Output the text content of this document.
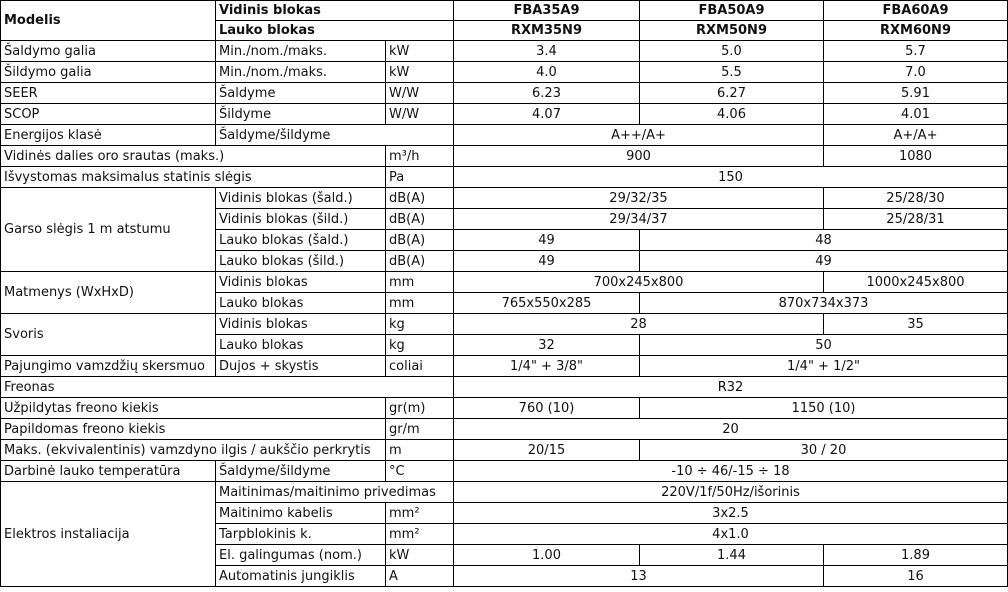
Modelis	Vidinis blokas		FBA35A9	FBA50A9	FBA60A9
	Lauko blokas		RXM35N9	RXM50N9	RXM60N9
Šaldymo galia	Min./nom./maks.	kW	3.4	5.0	5.7
Šildymo galia	Min./nom./maks.	kW	4.0	5.5	7.0
SEER	Šaldyme	W/W	6.23	6.27	5.91
SCOP	Šildyme	W/W	4.07	4.06	4.01
Energijos klasė	Šaldyme/šildyme		A++/A+		A+/A+
Vidinės dalies oro srautas (maks.)		m³/h	900		1080
Išvystomas maksimalus statinis slėgis		Pa	150		
Garso slėgis 1 m atstumu	Vidinis blokas (šald.)	dB(A)	29/32/35		25/28/30
	Vidinis blokas (šild.)	dB(A)	29/34/37		25/28/31
	Lauko blokas (šald.)	dB(A)	49	48	
	Lauko blokas (šild.)	dB(A)	49	49	
Matmenys (WxHxD)	Vidinis blokas	mm	700x245x800		1000x245x800
	Lauko blokas	mm	765x550x285	870x734x373	
Svoris	Vidinis blokas	kg	28		35
	Lauko blokas	kg	32	50	
Pajungimo vamzdžių skersmuo	Dujos + skystis	coliai	1/4" + 3/8"	1/4" + 1/2"	
Freonas			R32		
Užpildytas freono kiekis		gr(m)	760 (10)	1150 (10)	
Papildomas freono kiekis		gr/m	20		
Maks. (ekvivalentinis) vamzdyno ilgis / aukščio perkrytis		m	20/15	30 / 20	
Darbinė lauko temperatūra	Šaldyme/šildyme	°C	-10 ÷ 46/-15 ÷ 18		
Elektros instaliacija	Maitinimas/maitinimo privedimas		220V/1f/50Hz/išorinis		
	Maitinimo kabelis	mm²	3x2.5		
	Tarpblokinis k.	mm²	4x1.0		
	El. galingumas (nom.)	kW	1.00	1.44	1.89
	Automatinis jungiklis	A	13		16
